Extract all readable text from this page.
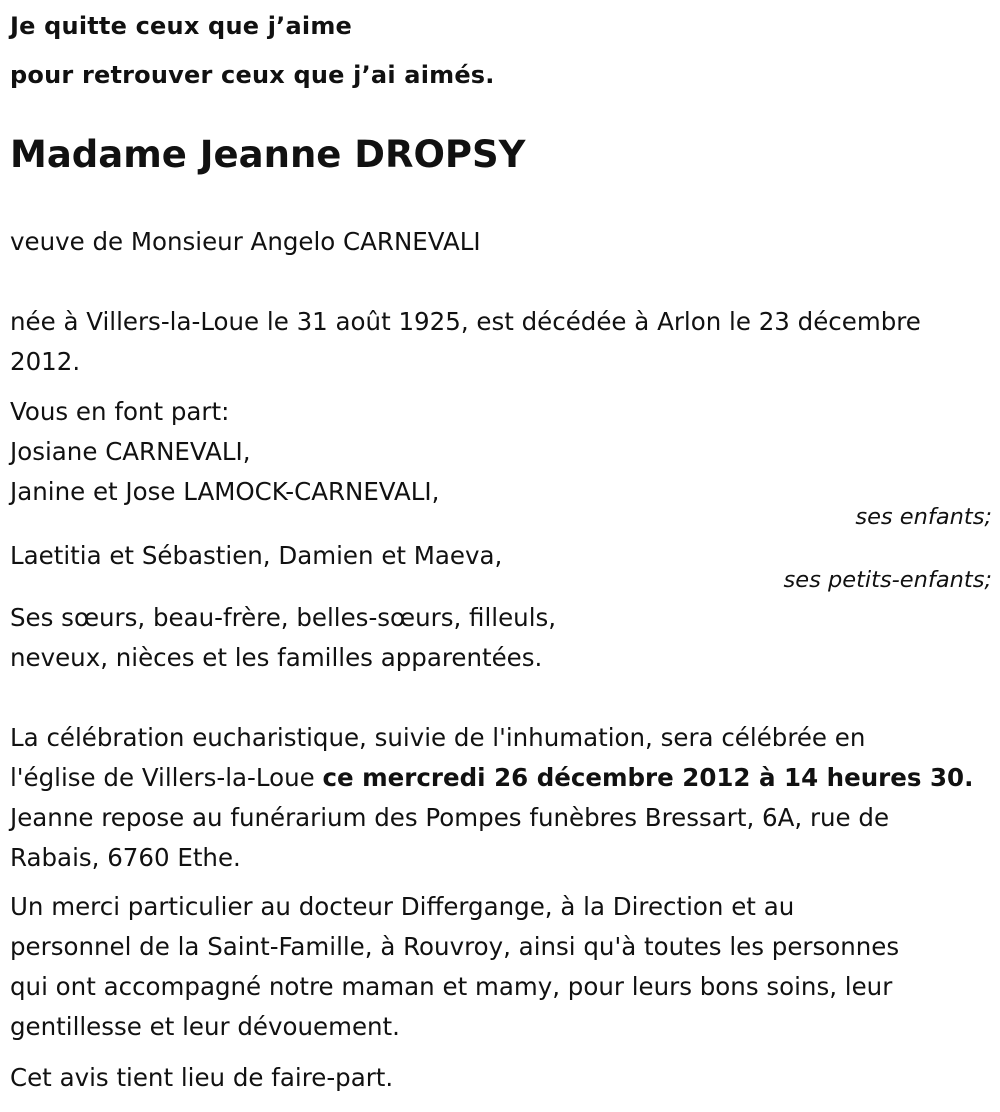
Je quitte ceux que j’aime

pour retrouver ceux que j’ai aimés.

Madame Jeanne DROPSY

veuve de Monsieur Angelo CARNEVALI

née à Villers-la-Loue le 31 août 1925, est décédée à Arlon le 23 décembre 2012.

Vous en font part:

Josiane CARNEVALI,

Janine et Jose LAMOCK-CARNEVALI,

ses enfants;

Laetitia et Sébastien, Damien et Maeva,

ses petits-enfants;

Ses sœurs, beau-frère, belles-sœurs, filleuls,

neveux, nièces et les familles apparentées.

La célébration eucharistique, suivie de l'inhumation, sera célébrée en

l'église de Villers-la-Loue ce mercredi 26 décembre 2012 à 14 heures 30.

Jeanne repose au funérarium des Pompes funèbres Bressart, 6A, rue de

Rabais, 6760 Ethe.

Un merci particulier au docteur Differgange, à la Direction et au

personnel de la Saint-Famille, à Rouvroy, ainsi qu'à toutes les personnes

qui ont accompagné notre maman et mamy, pour leurs bons soins, leur

gentillesse et leur dévouement.

Cet avis tient lieu de faire-part.
